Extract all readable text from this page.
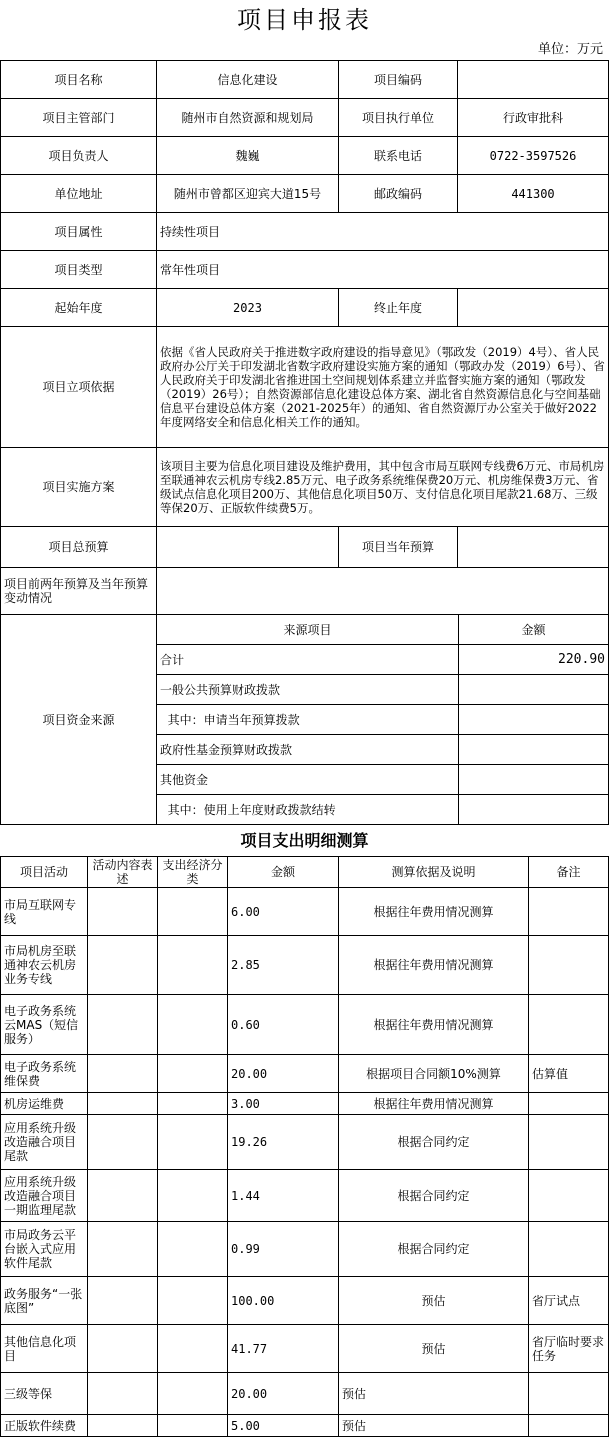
项目申报表
单位：万元
项目名称	信息化建设	项目编码	
项目主管部门	随州市自然资源和规划局	项目执行单位	行政审批科
项目负责人	魏巍	联系电话	0722-3597526
单位地址	随州市曾都区迎宾大道15号	邮政编码	441300
项目属性	持续性项目		
项目类型	常年性项目		
起始年度	2023	终止年度	
项目立项依据	依据《省人民政府关于推进数字政府建设的指导意见》（鄂政发（2019）4号）、省人民政府办公厅关于印发湖北省数字政府建设实施方案的通知（鄂政办发（2019）6号）、省人民政府关于印发湖北省推进国土空间规划体系建立并监督实施方案的通知（鄂政发（2019）26号）；自然资源部信息化建设总体方案、湖北省自然资源信息化与空间基础信息平台建设总体方案（2021-2025年）的通知、省自然资源厅办公室关于做好2022年度网络安全和信息化相关工作的通知。		
项目实施方案	该项目主要为信息化项目建设及维护费用，其中包含市局互联网专线费6万元、市局机房至联通神农云机房专线2.85万元、电子政务系统维保费20万元、机房维保费3万元、省级试点信息化项目200万、其他信息化项目50万、支付信息化项目尾款21.68万、三级等保20万、正版软件续费5万。		
项目总预算		项目当年预算	
项目前两年预算及当年预算变动情况			
项目资金来源	来源项目	金额
	合计	220.90
	一般公共预算财政拨款	
	其中：申请当年预算拨款	
	政府性基金预算财政拨款	
	其他资金	
	其中：使用上年度财政拨款结转	
项目支出明细测算
项目活动	活动内容表述	支出经济分类	金额	测算依据及说明	备注
市局互联网专线			6.00	根据往年费用情况测算	
市局机房至联通神农云机房业务专线			2.85	根据往年费用情况测算	
电子政务系统云MAS（短信服务）			0.60	根据往年费用情况测算	
电子政务系统维保费			20.00	根据项目合同额10%测算	估算值
机房运维费			3.00	根据往年费用情况测算	
应用系统升级改造融合项目尾款			19.26	根据合同约定	
应用系统升级改造融合项目一期监理尾款			1.44	根据合同约定	
市局政务云平台嵌入式应用软件尾款			0.99	根据合同约定	
政务服务“一张底图”			100.00	预估	省厅试点
其他信息化项目			41.77	预估	省厅临时要求任务
三级等保			20.00	预估	
正版软件续费			5.00	预估	
